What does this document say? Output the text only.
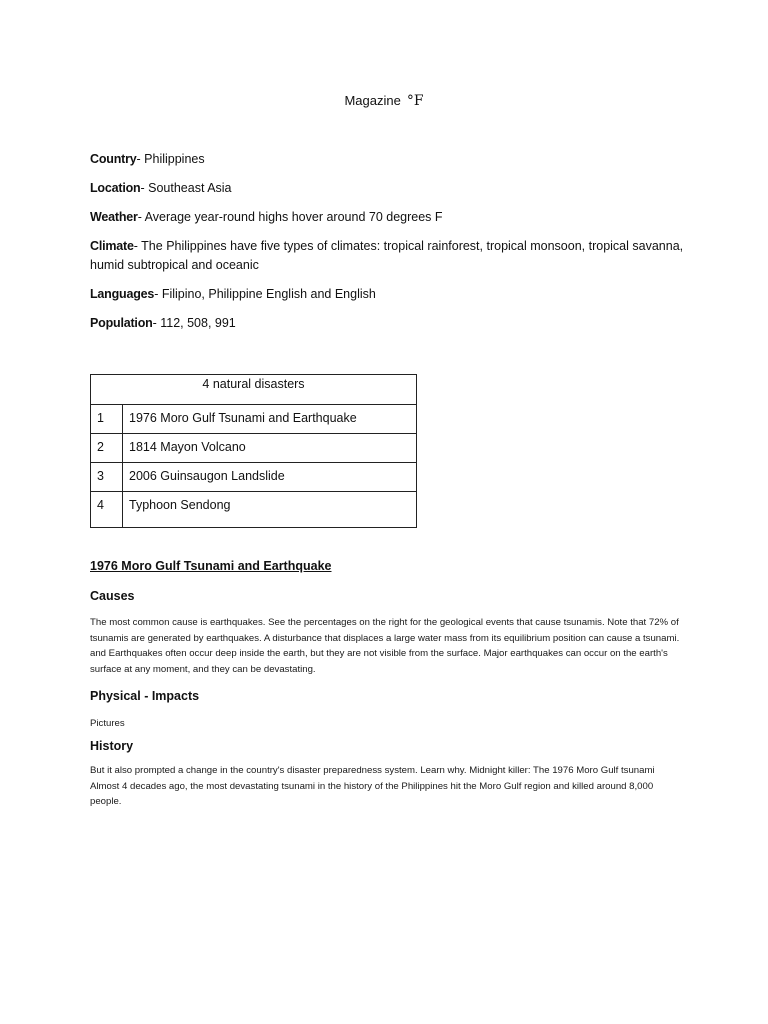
Magazine °F

Country- Philippines

Location- Southeast Asia

Weather- Average year-round highs hover around 70 degrees F

Climate- The Philippines have five types of climates: tropical rainforest, tropical monsoon, tropical savanna, humid subtropical and oceanic

Languages- Filipino, Philippine English and English

Population- 112, 508, 991

4 natural disasters	
1	1976 Moro Gulf Tsunami and Earthquake
2	1814 Mayon Volcano
3	2006 Guinsaugon Landslide
4	Typhoon Sendong
1976 Moro Gulf Tsunami and Earthquake
Causes
The most common cause is earthquakes. See the percentages on the right for the geological events that cause tsunamis. Note that 72% of tsunamis are generated by earthquakes. A disturbance that displaces a large water mass from its equilibrium position can cause a tsunami. and Earthquakes often occur deep inside the earth, but they are not visible from the surface. Major earthquakes can occur on the earth's surface at any moment, and they can be devastating.
Physical - Impacts
Pictures
History
But it also prompted a change in the country's disaster preparedness system. Learn why. Midnight killer: The 1976 Moro Gulf tsunami Almost 4 decades ago, the most devastating tsunami in the history of the Philippines hit the Moro Gulf region and killed around 8,000 people.
